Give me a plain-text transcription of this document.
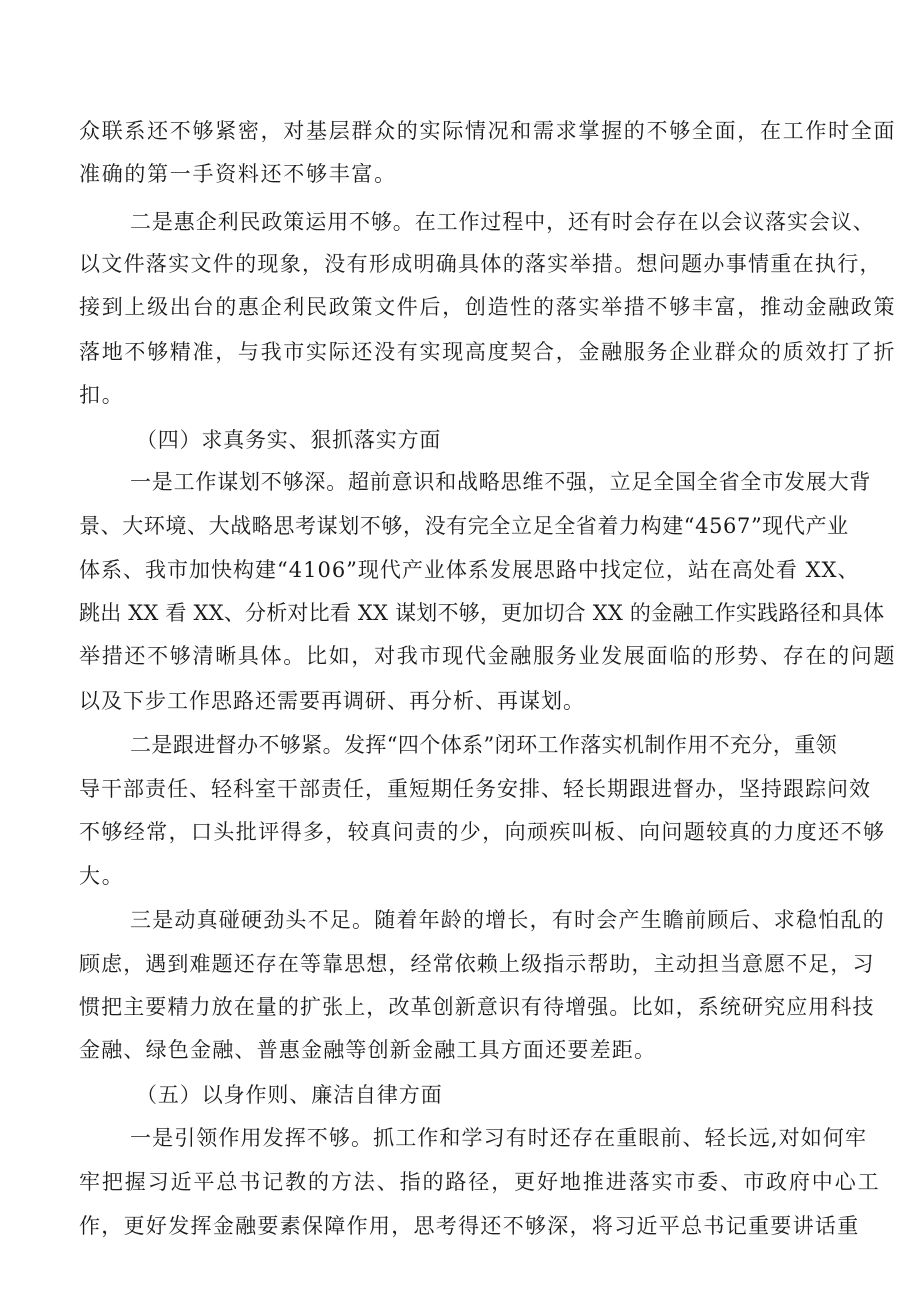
众联系还不够紧密，对基层群众的实际情况和需求掌握的不够全面，在工作时全面

准确的第一手资料还不够丰富。

二是惠企利民政策运用不够。在工作过程中，还有时会存在以会议落实会议、

以文件落实文件的现象，没有形成明确具体的落实举措。想问题办事情重在执行，

接到上级出台的惠企利民政策文件后，创造性的落实举措不够丰富，推动金融政策

落地不够精准，与我市实际还没有实现高度契合，金融服务企业群众的质效打了折

扣。

（四）求真务实、狠抓落实方面

一是工作谋划不够深。超前意识和战略思维不强，立足全国全省全市发展大背

景、大环境、大战略思考谋划不够，没有完全立足全省着力构建“4567”现代产业

体系、我市加快构建“4106”现代产业体系发展思路中找定位，站在高处看 XX、

跳出 XX 看 XX、分析对比看 XX 谋划不够，更加切合 XX 的金融工作实践路径和具体

举措还不够清晰具体。比如，对我市现代金融服务业发展面临的形势、存在的问题

以及下步工作思路还需要再调研、再分析、再谋划。

二是跟进督办不够紧。发挥“四个体系”闭环工作落实机制作用不充分，重领

导干部责任、轻科室干部责任，重短期任务安排、轻长期跟进督办，坚持跟踪问效

不够经常，口头批评得多，较真问责的少，向顽疾叫板、向问题较真的力度还不够

大。

三是动真碰硬劲头不足。随着年龄的增长，有时会产生瞻前顾后、求稳怕乱的

顾虑，遇到难题还存在等靠思想，经常依赖上级指示帮助，主动担当意愿不足，习

惯把主要精力放在量的扩张上，改革创新意识有待增强。比如，系统研究应用科技

金融、绿色金融、普惠金融等创新金融工具方面还要差距。

（五）以身作则、廉洁自律方面

一是引领作用发挥不够。抓工作和学习有时还存在重眼前、轻长远,对如何牢

牢把握习近平总书记教的方法、指的路径，更好地推进落实市委、市政府中心工

作，更好发挥金融要素保障作用，思考得还不够深，将习近平总书记重要讲话重
